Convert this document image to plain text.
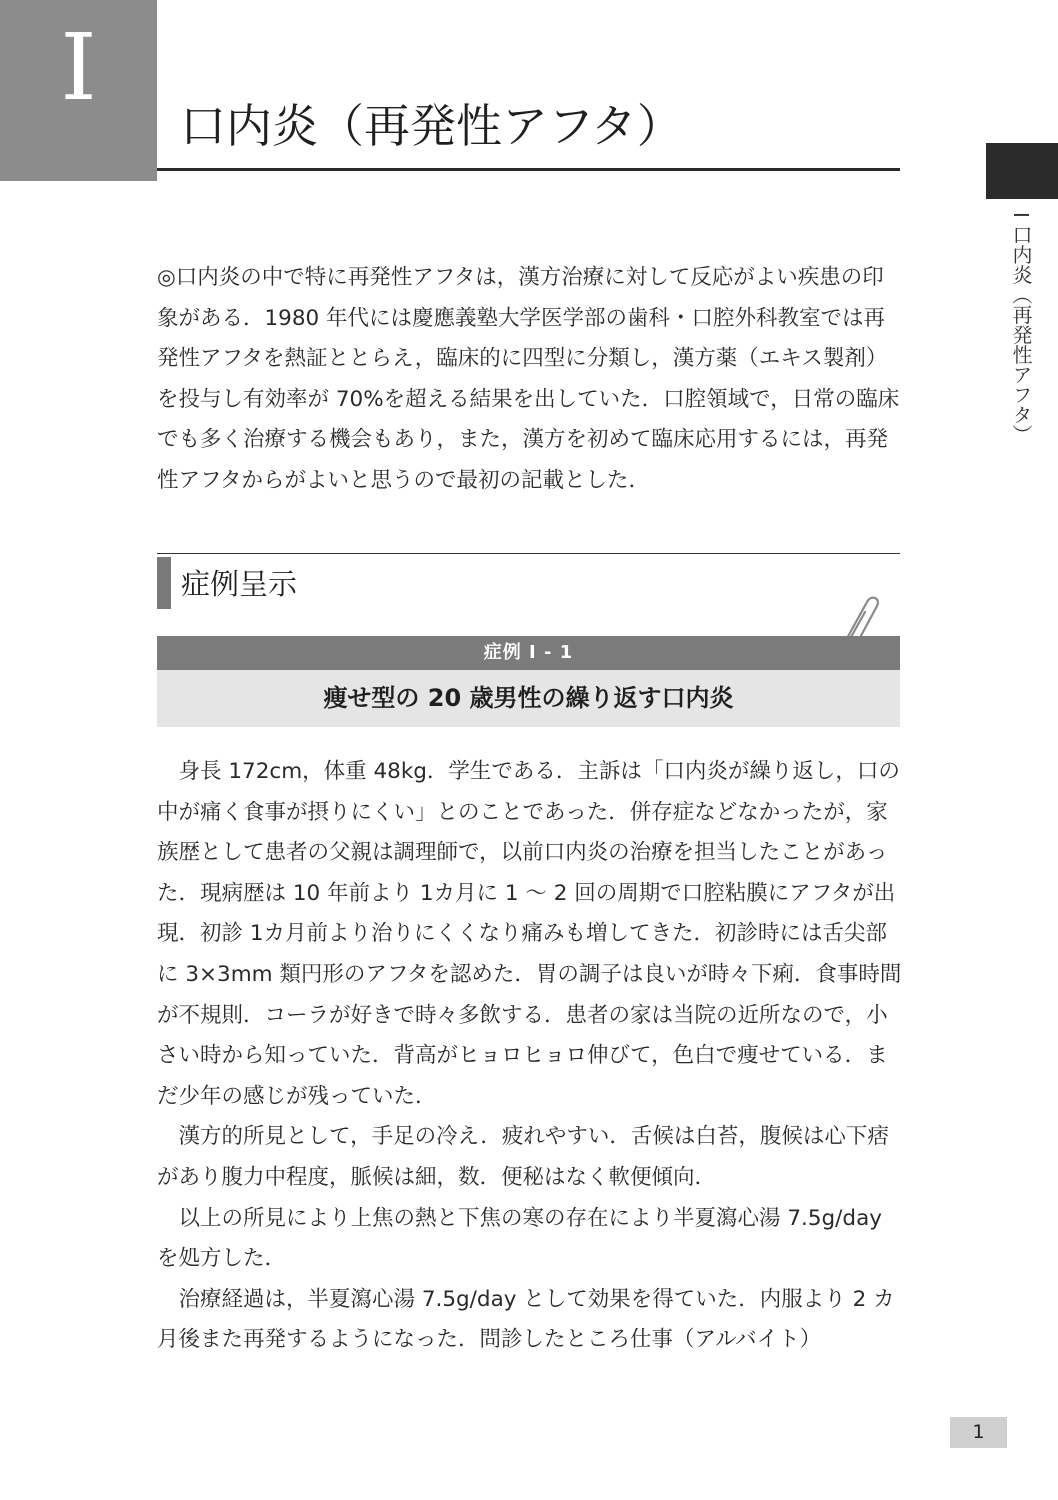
I
口内炎（再発性アフタ）
I 口内炎（再発性アフタ）

◎口内炎の中で特に再発性アフタは，漢方治療に対して反応がよい疾患の印象がある．1980 年代には慶應義塾大学医学部の歯科・口腔外科教室では再発性アフタを熱証ととらえ，臨床的に四型に分類し，漢方薬（エキス製剤）を投与し有効率が 70%を超える結果を出していた．口腔領域で，日常の臨床でも多く治療する機会もあり，また，漢方を初めて臨床応用するには，再発性アフタからがよいと思うので最初の記載とした．

症例呈示
症例 I - 1
痩せ型の 20 歳男性の繰り返す口内炎

身長 172cm，体重 48kg．学生である．主訴は「口内炎が繰り返し，口の中が痛く食事が摂りにくい」とのことであった．併存症などなかったが，家族歴として患者の父親は調理師で，以前口内炎の治療を担当したことがあった．現病歴は 10 年前より 1カ月に 1 ～ 2 回の周期で口腔粘膜にアフタが出現．初診 1カ月前より治りにくくなり痛みも増してきた．初診時には舌尖部に 3×3mm 類円形のアフタを認めた．胃の調子は良いが時々下痢．食事時間が不規則．コーラが好きで時々多飲する．患者の家は当院の近所なので，小さい時から知っていた．背高がヒョロヒョロ伸びて，色白で痩せている．まだ少年の感じが残っていた．

漢方的所見として，手足の冷え．疲れやすい．舌候は白苔，腹候は心下痞があり腹力中程度，脈候は細，数．便秘はなく軟便傾向．

以上の所見により上焦の熱と下焦の寒の存在により半夏瀉心湯 7.5g/day を処方した．

治療経過は，半夏瀉心湯 7.5g/day として効果を得ていた．内服より 2 カ月後また再発するようになった．問診したところ仕事（アルバイト）

1
